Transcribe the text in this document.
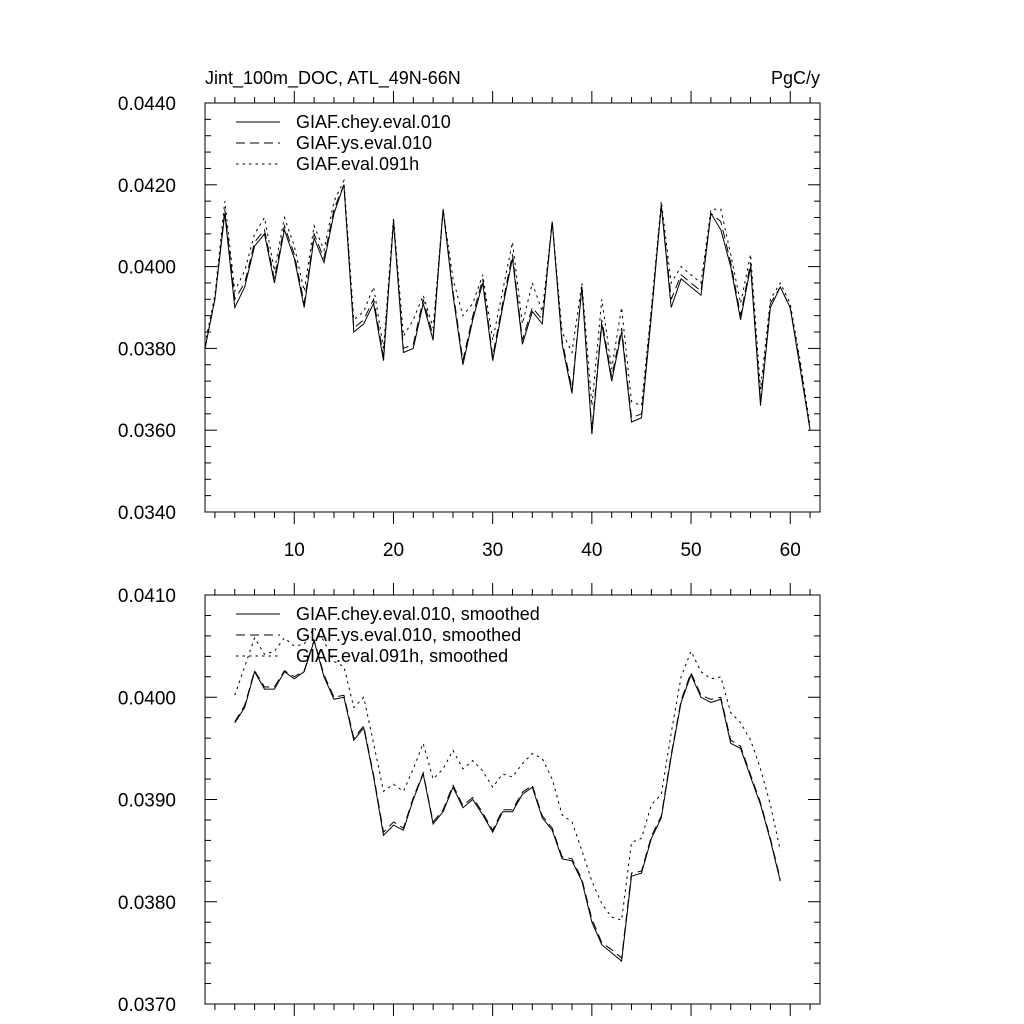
Jint_100m_DOC, ATL_49N-66N	PgC/y
0.0340
0.0360
0.0380
0.0400
0.0420
0.0440
10	20	30	40	50	60
GIAF.chey.eval.010
GIAF.ys.eval.010
GIAF.eval.091h
0.0370
0.0380
0.0390
0.0400
0.0410
GIAF.chey.eval.010, smoothed
GIAF.ys.eval.010, smoothed
GIAF.eval.091h, smoothed
